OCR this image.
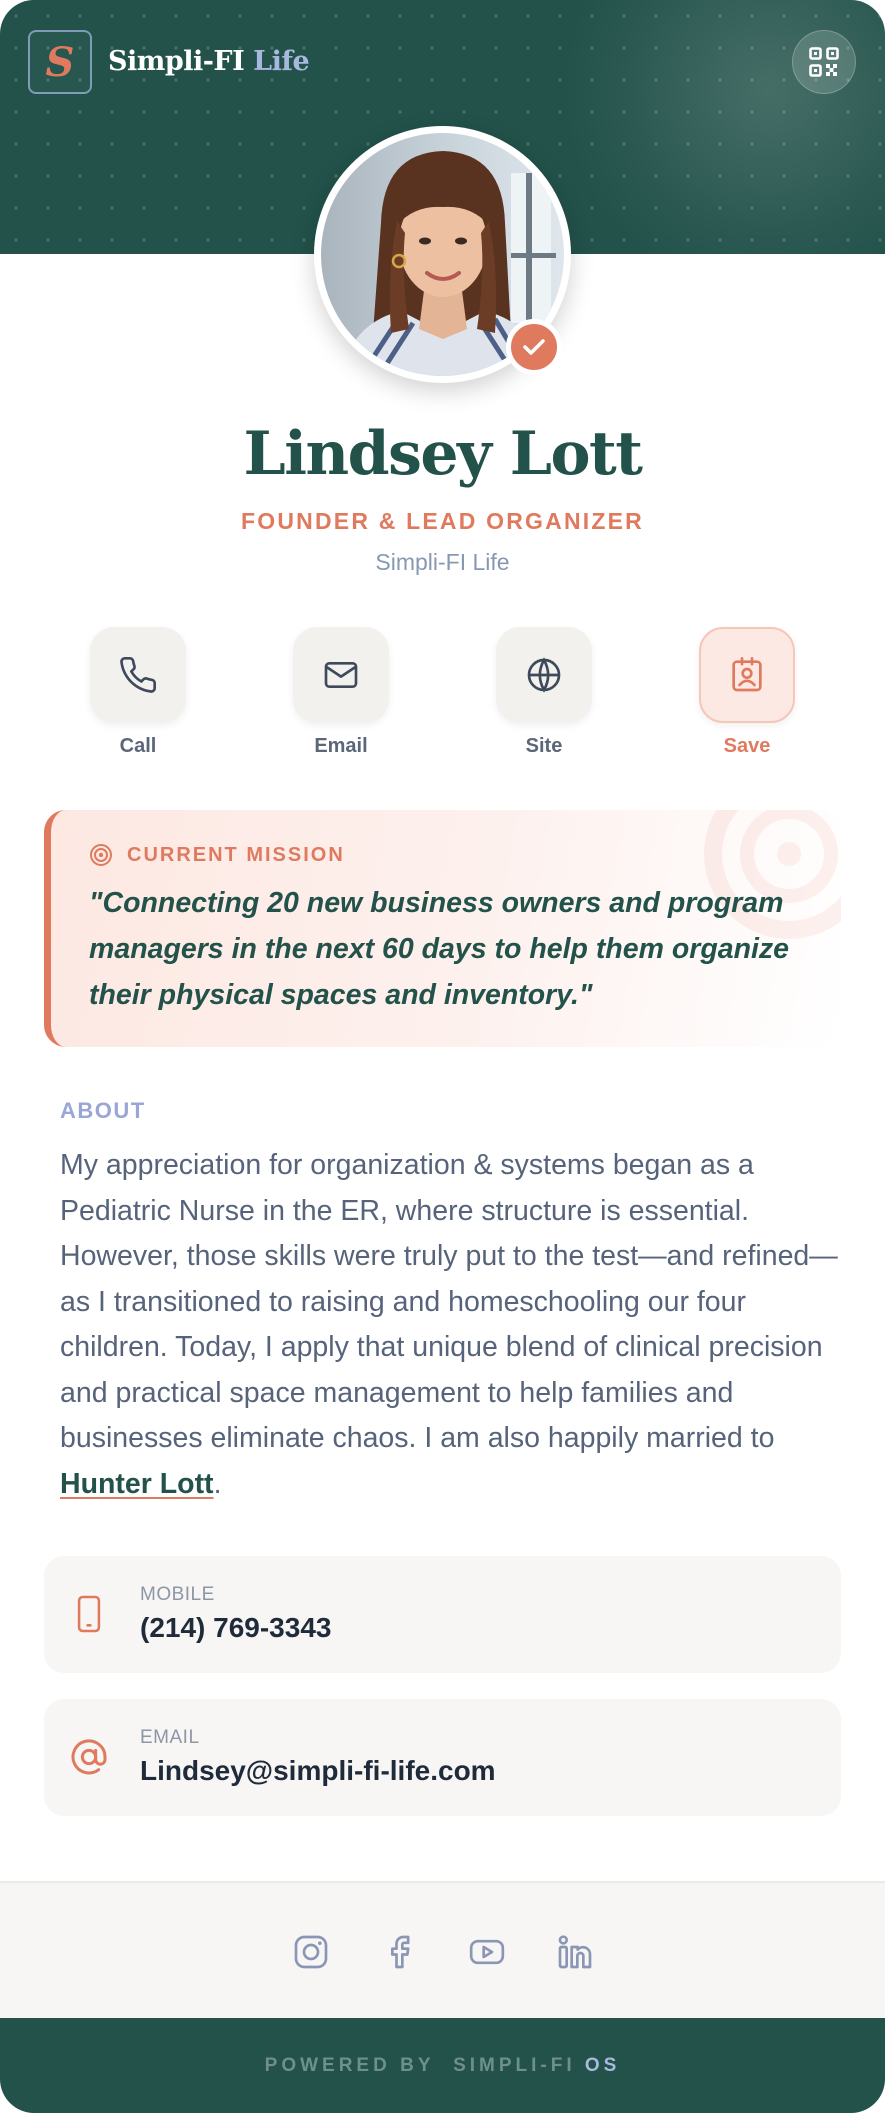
S Simpli-FI Life
Lindsey Lott
FOUNDER & LEAD ORGANIZER
Simpli-FI Life
Call	Email	Site	Save
CURRENT MISSION
"Connecting 20 new business owners and program managers in the next 60 days to help them organize their physical spaces and inventory."
ABOUT
My appreciation for organization & systems began as a Pediatric Nurse in the ER, where structure is essential. However, those skills were truly put to the test—and refined—as I transitioned to raising and homeschooling our four children. Today, I apply that unique blend of clinical precision and practical space management to help families and businesses eliminate chaos. I am also happily married to Hunter Lott.
MOBILE
(214) 769-3343
EMAIL
Lindsey@simpli-fi-life.com
POWERED BY SIMPLI-FI OS
